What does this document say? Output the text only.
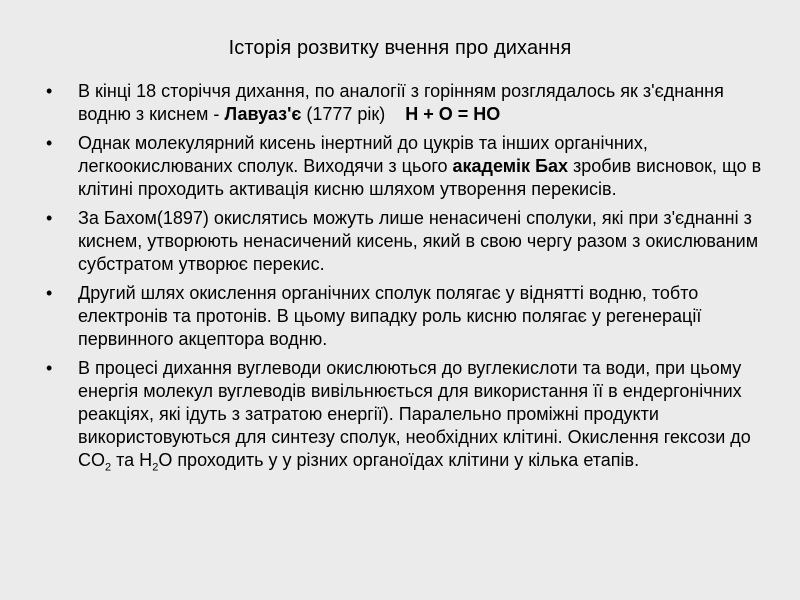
Історія розвитку вчення про дихання
• В кінці 18 сторіччя дихання, по аналогії з горінням розглядалось як з'єднання водню з киснем - Лавуаз'є (1777 рік) Н + О = НО
• Однак молекулярний кисень інертний до цукрів та інших органічних, легкоокислюваних сполук. Виходячи з цього академік Бах зробив висновок, що в клітині проходить активація кисню шляхом утворення перекисів.
• За Бахом(1897) окислятись можуть лише ненасичені сполуки, які при з'єднанні з киснем, утворюють ненасичений кисень, який в свою чергу разом з окислюваним субстратом утворює перекис.
• Другий шлях окислення органічних сполук полягає у віднятті водню, тобто електронів та протонів. В цьому випадку роль кисню полягає у регенерації первинного акцептора водню.
• В процесі дихання вуглеводи окислюються до вуглекислоти та води, при цьому енергія молекул вуглеводів вивільнюється для використання її в ендергонічних реакціях, які ідуть з затратою енергії). Паралельно проміжні продукти використовуються для синтезу сполук, необхідних клітині. Окислення гексози до $CO_2$ та $H_2O$ проходить у у різних органоїдах клітини у кілька етапів.
